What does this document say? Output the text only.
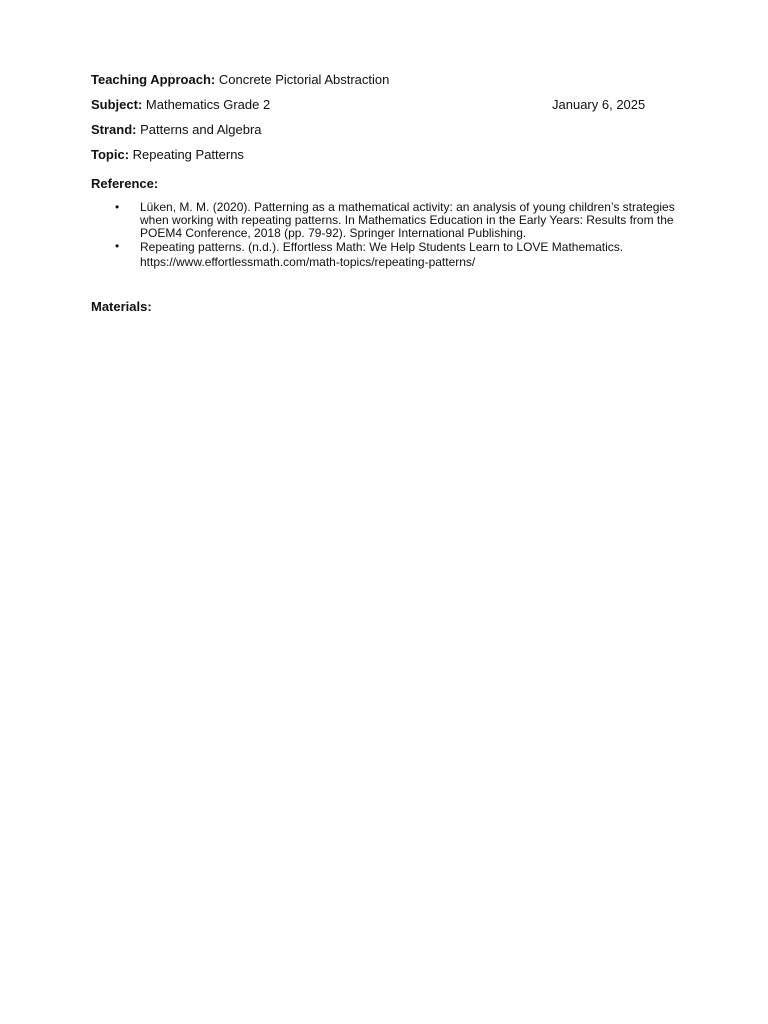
Teaching Approach: Concrete Pictorial Abstraction
Subject: Mathematics Grade 2	January 6, 2025
Strand: Patterns and Algebra
Topic: Repeating Patterns
Reference:
• Lüken, M. M. (2020). Patterning as a mathematical activity: an analysis of young children’s strategies when working with repeating patterns. In Mathematics Education in the Early Years: Results from the POEM4 Conference, 2018 (pp. 79-92). Springer International Publishing.
• Repeating patterns. (n.d.). Effortless Math: We Help Students Learn to LOVE Mathematics. https://www.effortlessmath.com/math-topics/repeating-patterns/
Materials:
